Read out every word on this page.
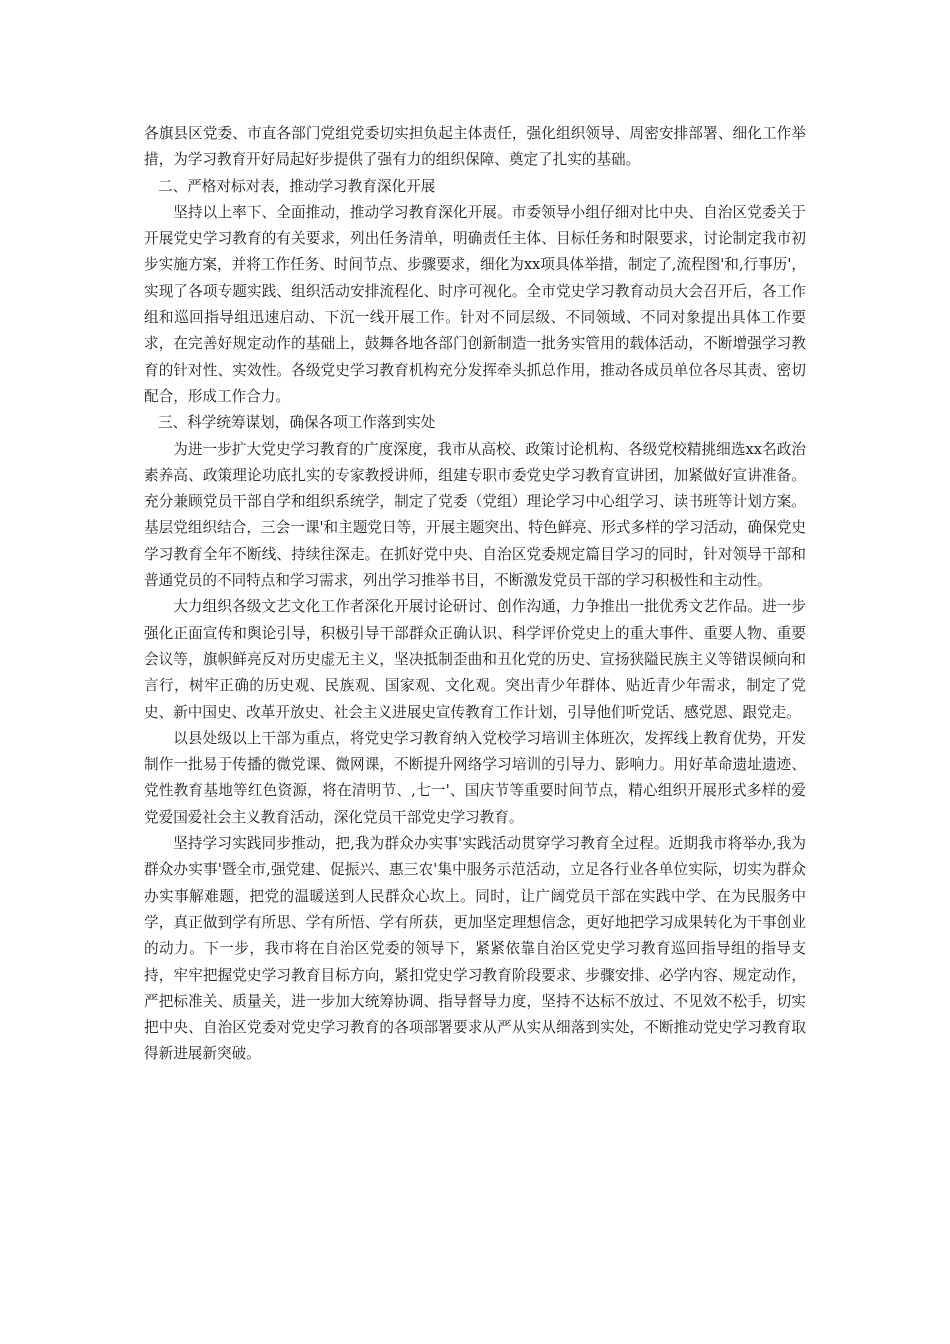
各旗县区党委、市直各部门党组党委切实担负起主体责任，强化组织领导、周密安排部署、细化工作举措，为学习教育开好局起好步提供了强有力的组织保障、奠定了扎实的基础。

二、严格对标对表，推动学习教育深化开展

坚持以上率下、全面推动，推动学习教育深化开展。市委领导小组仔细对比中央、自治区党委关于开展党史学习教育的有关要求，列出任务清单，明确责任主体、目标任务和时限要求，讨论制定我市初步实施方案，并将工作任务、时间节点、步骤要求，细化为xx项具体举措，制定了,流程图'和,行事历'，实现了各项专题实践、组织活动安排流程化、时序可视化。全市党史学习教育动员大会召开后，各工作组和巡回指导组迅速启动、下沉一线开展工作。针对不同层级、不同领域、不同对象提出具体工作要求，在完善好规定动作的基础上，鼓舞各地各部门创新制造一批务实管用的载体活动，不断增强学习教育的针对性、实效性。各级党史学习教育机构充分发挥牵头抓总作用，推动各成员单位各尽其责、密切配合，形成工作合力。

三、科学统筹谋划，确保各项工作落到实处

为进一步扩大党史学习教育的广度深度，我市从高校、政策讨论机构、各级党校精挑细选xx名政治素养高、政策理论功底扎实的专家教授讲师，组建专职市委党史学习教育宣讲团，加紧做好宣讲准备。充分兼顾党员干部自学和组织系统学，制定了党委（党组）理论学习中心组学习、读书班等计划方案。基层党组织结合，三会一课'和主题党日等，开展主题突出、特色鲜亮、形式多样的学习活动，确保党史学习教育全年不断线、持续往深走。在抓好党中央、自治区党委规定篇目学习的同时，针对领导干部和普通党员的不同特点和学习需求，列出学习推举书目，不断激发党员干部的学习积极性和主动性。

大力组织各级文艺文化工作者深化开展讨论研讨、创作沟通，力争推出一批优秀文艺作品。进一步强化正面宣传和舆论引导，积极引导干部群众正确认识、科学评价党史上的重大事件、重要人物、重要会议等，旗帜鲜亮反对历史虚无主义，坚决抵制歪曲和丑化党的历史、宣扬狭隘民族主义等错误倾向和言行，树牢正确的历史观、民族观、国家观、文化观。突出青少年群体、贴近青少年需求，制定了党史、新中国史、改革开放史、社会主义进展史宣传教育工作计划，引导他们听党话、感党恩、跟党走。

以县处级以上干部为重点，将党史学习教育纳入党校学习培训主体班次，发挥线上教育优势，开发制作一批易于传播的微党课、微网课，不断提升网络学习培训的引导力、影响力。用好革命遗址遗迹、党性教育基地等红色资源，将在清明节、,七一'、国庆节等重要时间节点，精心组织开展形式多样的爱党爱国爱社会主义教育活动，深化党员干部党史学习教育。

坚持学习实践同步推动，把,我为群众办实事'实践活动贯穿学习教育全过程。近期我市将举办,我为群众办实事'暨全市,强党建、促振兴、惠三农'集中服务示范活动，立足各行业各单位实际，切实为群众办实事解难题，把党的温暖送到人民群众心坎上。同时，让广阔党员干部在实践中学、在为民服务中学，真正做到学有所思、学有所悟、学有所获，更加坚定理想信念，更好地把学习成果转化为干事创业的动力。下一步，我市将在自治区党委的领导下，紧紧依靠自治区党史学习教育巡回指导组的指导支持，牢牢把握党史学习教育目标方向，紧扣党史学习教育阶段要求、步骤安排、必学内容、规定动作，严把标准关、质量关，进一步加大统筹协调、指导督导力度，坚持不达标不放过、不见效不松手，切实把中央、自治区党委对党史学习教育的各项部署要求从严从实从细落到实处，不断推动党史学习教育取得新进展新突破。
